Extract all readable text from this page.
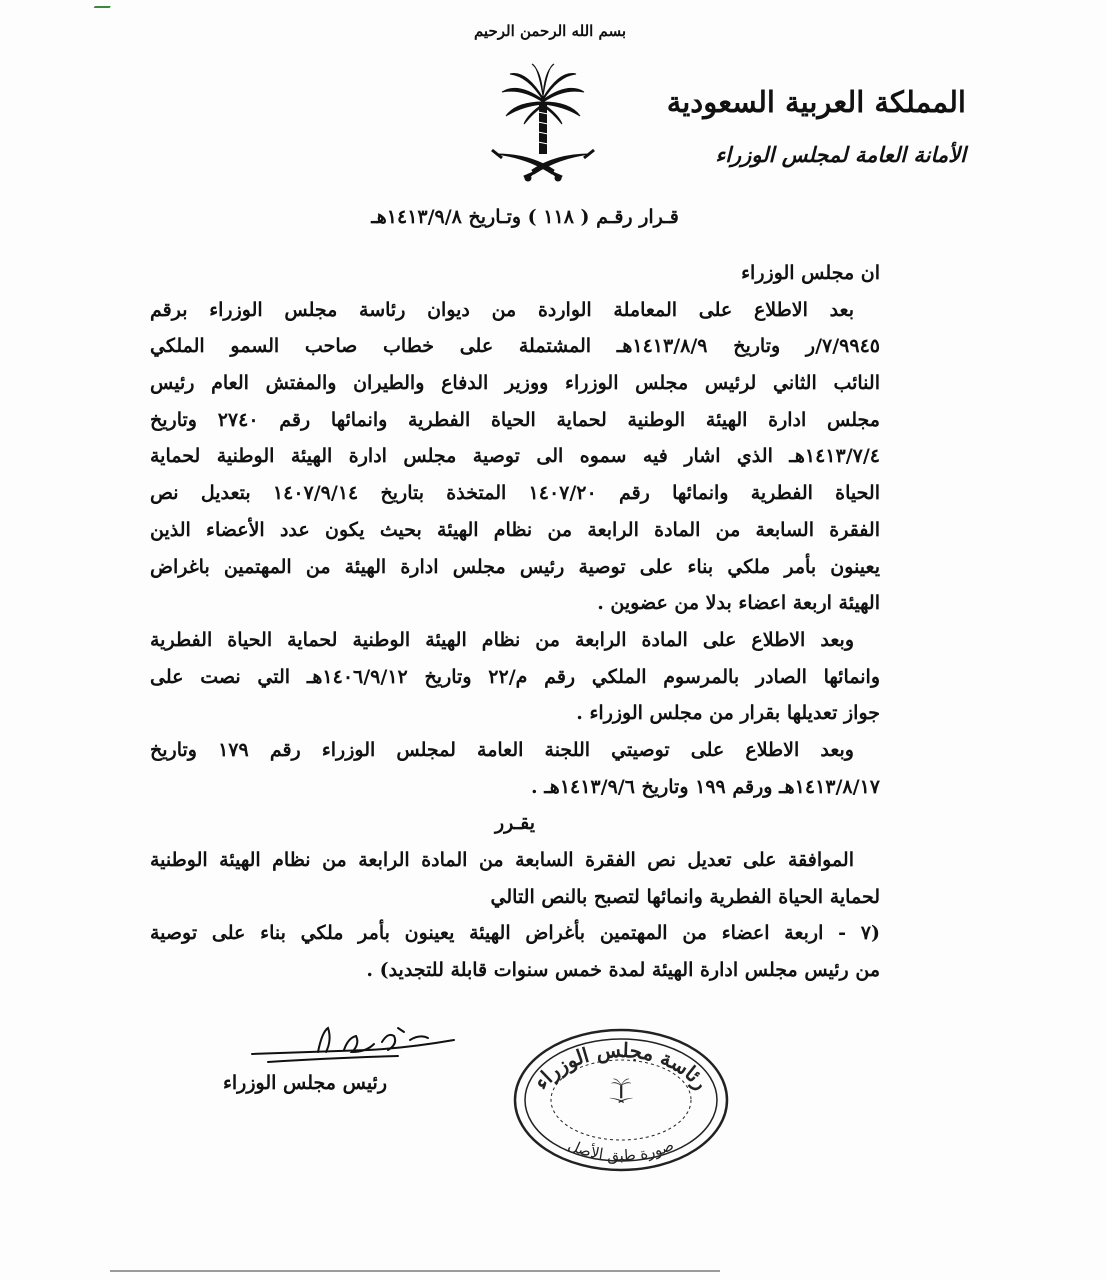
بسم الله الرحمن الرحيم
المملكة العربية السعودية
الأمانة العامة لمجلس الوزراء
قـرار رقـم ( ١١٨ ) وتـاريخ ١٤١٣/٩/٨هـ
ان مجلس الوزراء
بعد الاطلاع على المعاملة الواردة من ديوان رئاسة مجلس الوزراء برقم
٧/٩٩٤٥/ر وتاريخ ١٤١٣/٨/٩هـ المشتملة على خطاب صاحب السمو الملكي
النائب الثاني لرئيس مجلس الوزراء ووزير الدفاع والطيران والمفتش العام رئيس
مجلس ادارة الهيئة الوطنية لحماية الحياة الفطرية وانمائها رقم ٢٧٤٠ وتاريخ
١٤١٣/٧/٤هـ الذي اشار فيه سموه الى توصية مجلس ادارة الهيئة الوطنية لحماية
الحياة الفطرية وانمائها رقم ١٤٠٧/٢٠ المتخذة بتاريخ ١٤٠٧/٩/١٤ بتعديل نص
الفقرة السابعة من المادة الرابعة من نظام الهيئة بحيث يكون عدد الأعضاء الذين
يعينون بأمر ملكي بناء على توصية رئيس مجلس ادارة الهيئة من المهتمين باغراض
الهيئة اربعة اعضاء بدلا من عضوين .
وبعد الاطلاع على المادة الرابعة من نظام الهيئة الوطنية لحماية الحياة الفطرية
وانمائها الصادر بالمرسوم الملكي رقم م/٢٢ وتاريخ ١٤٠٦/٩/١٢هـ التي نصت على
جواز تعديلها بقرار من مجلس الوزراء .
وبعد الاطلاع على توصيتي اللجنة العامة لمجلس الوزراء رقم ١٧٩ وتاريخ
١٤١٣/٨/١٧هـ ورقم ١٩٩ وتاريخ ١٤١٣/٩/٦هـ .
يقـرر
الموافقة على تعديل نص الفقرة السابعة من المادة الرابعة من نظام الهيئة الوطنية
لحماية الحياة الفطرية وانمائها لتصبح بالنص التالي
(٧ - اربعة اعضاء من المهتمين بأغراض الهيئة يعينون بأمر ملكي بناء على توصية
من رئيس مجلس ادارة الهيئة لمدة خمس سنوات قابلة للتجديد) .
رئيس مجلس الوزراء	رئاسة مجلس الوزراء
صورة طبق الأصل
